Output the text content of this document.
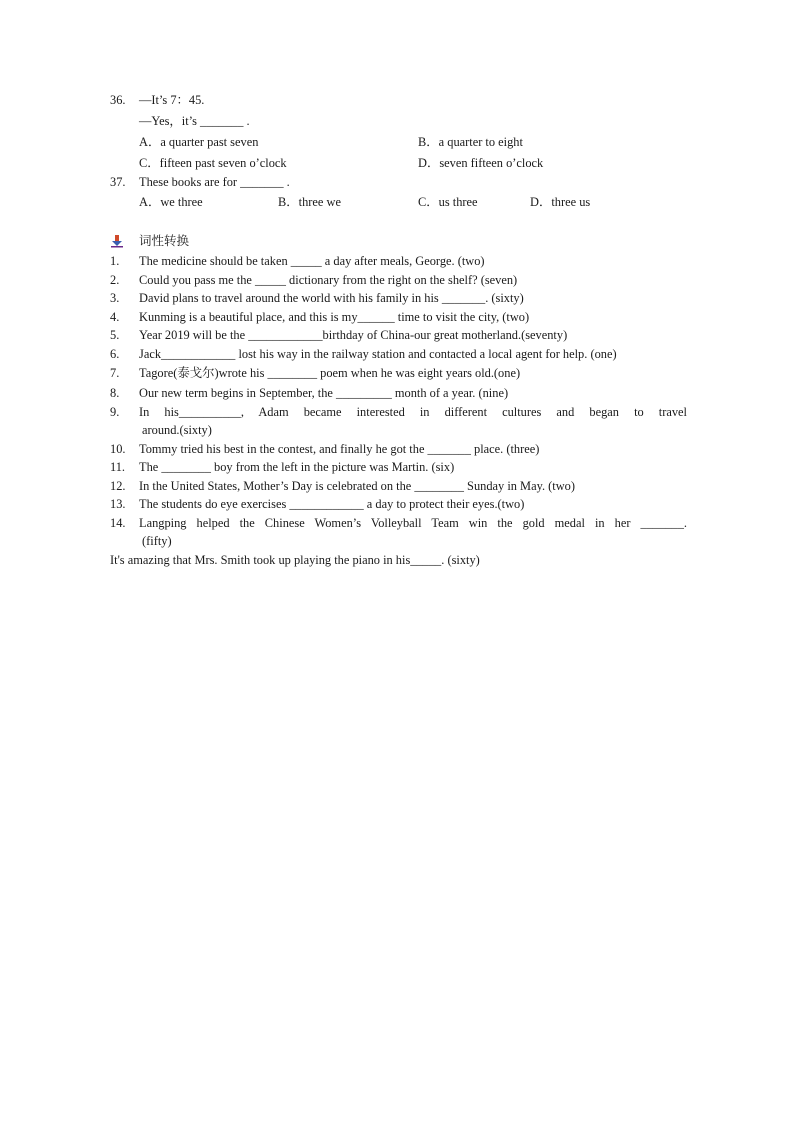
36. —It’s 7：45.
—Yes，it’s _______ .
A．a quarter past seven	B．a quarter to eight
C．fifteen past seven o’clock	D．seven fifteen o’clock
37. These books are for _______ .
A．we three	B．three we	C．us three	D．three us
词性转换
1. The medicine should be taken _____ a day after meals, George. (two)
2. Could you pass me the _____ dictionary from the right on the shelf? (seven)
3. David plans to travel around the world with his family in his _______. (sixty)
4. Kunming is a beautiful place, and this is my______ time to visit the city, (two)
5. Year 2019 will be the ____________birthday of China-our great motherland.(seventy)
6. Jack____________ lost his way in the railway station and contacted a local agent for help. (one)
7. Tagore(泰戈尔)wrote his ________ poem when he was eight years old.(one)
8. Our new term begins in September, the _________ month of a year. (nine)
9. In his__________, Adam became interested in different cultures and began to travel
around.(sixty)
10. Tommy tried his best in the contest, and finally he got the _______ place. (three)
11. The ________ boy from the left in the picture was Martin. (six)
12. In the United States, Mother’s Day is celebrated on the ________ Sunday in May. (two)
13. The students do eye exercises ____________ a day to protect their eyes.(two)
14. Langping helped the Chinese Women’s Volleyball Team win the gold medal in her _______.
(fifty)
It's amazing that Mrs. Smith took up playing the piano in his_____. (sixty)
